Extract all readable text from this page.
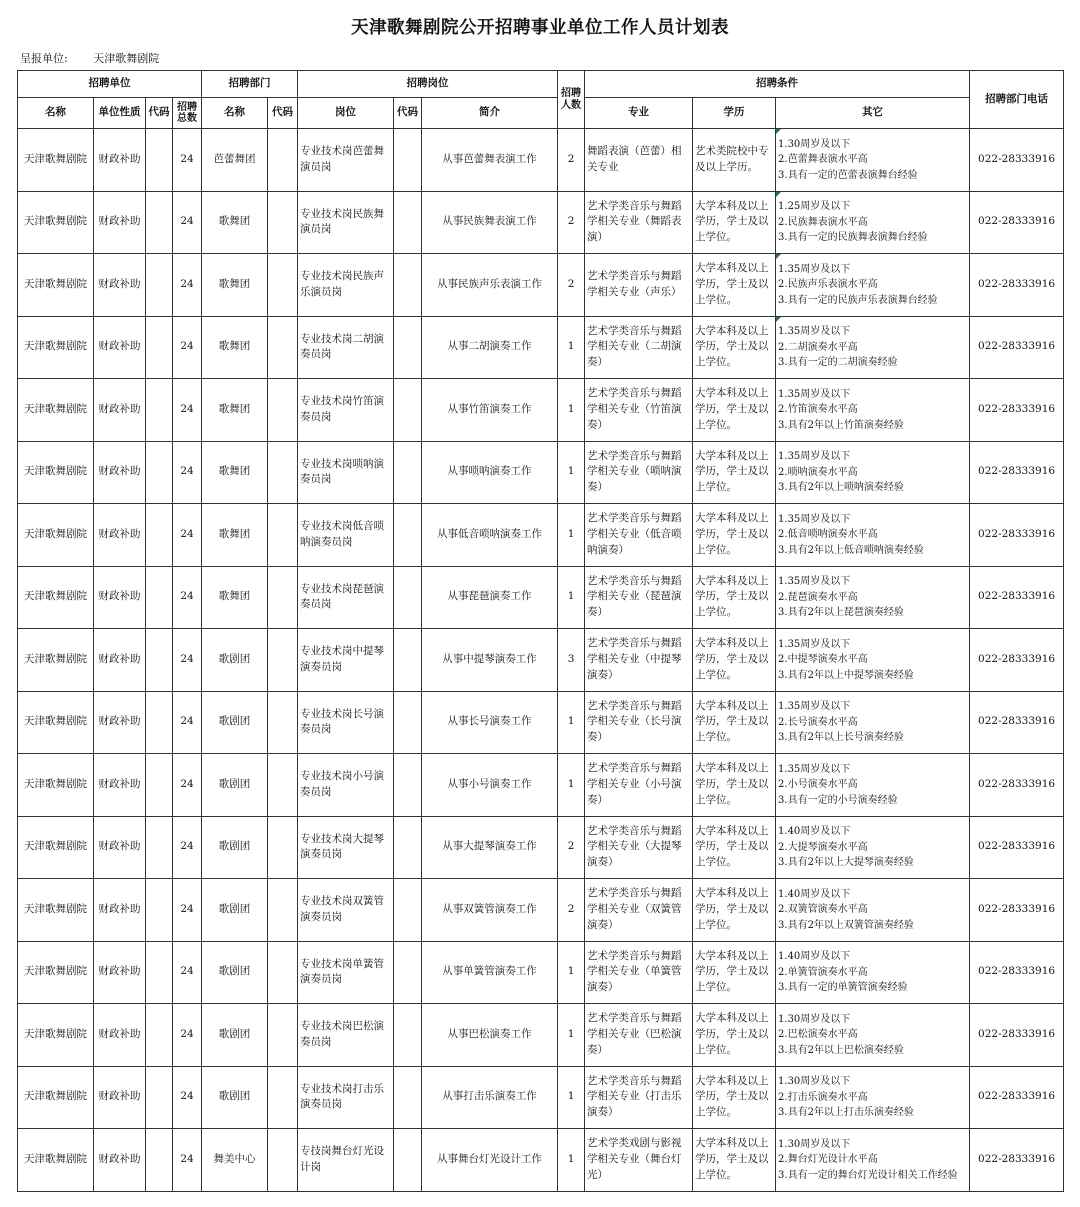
天津歌舞剧院公开招聘事业单位工作人员计划表
呈报单位: 天津歌舞剧院
招聘单位				招聘部门		招聘岗位			招聘人数	招聘条件			招聘部门电话
名称	单位性质	代码	招聘总数	名称	代码	岗位	代码	简介		专业	学历	其它	
天津歌舞剧院	财政补助		24	芭蕾舞团		专业技术岗芭蕾舞演员岗		从事芭蕾舞表演工作	2	舞蹈表演（芭蕾）相关专业	艺术类院校中专及以上学历。	1.30周岁及以下
2.芭蕾舞表演水平高
3.具有一定的芭蕾表演舞台经验	022-28333916
天津歌舞剧院	财政补助		24	歌舞团		专业技术岗民族舞演员岗		从事民族舞表演工作	2	艺术学类音乐与舞蹈学相关专业（舞蹈表演）	大学本科及以上学历，学士及以上学位。	1.25周岁及以下
2.民族舞表演水平高
3.具有一定的民族舞表演舞台经验	022-28333916
天津歌舞剧院	财政补助		24	歌舞团		专业技术岗民族声乐演员岗		从事民族声乐表演工作	2	艺术学类音乐与舞蹈学相关专业（声乐）	大学本科及以上学历，学士及以上学位。	1.35周岁及以下
2.民族声乐表演水平高
3.具有一定的民族声乐表演舞台经验	022-28333916
天津歌舞剧院	财政补助		24	歌舞团		专业技术岗二胡演奏员岗		从事二胡演奏工作	1	艺术学类音乐与舞蹈学相关专业（二胡演奏）	大学本科及以上学历，学士及以上学位。	1.35周岁及以下
2.二胡演奏水平高
3.具有一定的二胡演奏经验	022-28333916
天津歌舞剧院	财政补助		24	歌舞团		专业技术岗竹笛演奏员岗		从事竹笛演奏工作	1	艺术学类音乐与舞蹈学相关专业（竹笛演奏）	大学本科及以上学历，学士及以上学位。	1.35周岁及以下
2.竹笛演奏水平高
3.具有2年以上竹笛演奏经验	022-28333916
天津歌舞剧院	财政补助		24	歌舞团		专业技术岗唢呐演奏员岗		从事唢呐演奏工作	1	艺术学类音乐与舞蹈学相关专业（唢呐演奏）	大学本科及以上学历，学士及以上学位。	1.35周岁及以下
2.唢呐演奏水平高
3.具有2年以上唢呐演奏经验	022-28333916
天津歌舞剧院	财政补助		24	歌舞团		专业技术岗低音唢呐演奏员岗		从事低音唢呐演奏工作	1	艺术学类音乐与舞蹈学相关专业（低音唢呐演奏）	大学本科及以上学历，学士及以上学位。	1.35周岁及以下
2.低音唢呐演奏水平高
3.具有2年以上低音唢呐演奏经验	022-28333916
天津歌舞剧院	财政补助		24	歌舞团		专业技术岗琵琶演奏员岗		从事琵琶演奏工作	1	艺术学类音乐与舞蹈学相关专业（琵琶演奏）	大学本科及以上学历，学士及以上学位。	1.35周岁及以下
2.琵琶演奏水平高
3.具有2年以上琵琶演奏经验	022-28333916
天津歌舞剧院	财政补助		24	歌剧团		专业技术岗中提琴演奏员岗		从事中提琴演奏工作	3	艺术学类音乐与舞蹈学相关专业（中提琴演奏）	大学本科及以上学历，学士及以上学位。	1.35周岁及以下
2.中提琴演奏水平高
3.具有2年以上中提琴演奏经验	022-28333916
天津歌舞剧院	财政补助		24	歌剧团		专业技术岗长号演奏员岗		从事长号演奏工作	1	艺术学类音乐与舞蹈学相关专业（长号演奏）	大学本科及以上学历，学士及以上学位。	1.35周岁及以下
2.长号演奏水平高
3.具有2年以上长号演奏经验	022-28333916
天津歌舞剧院	财政补助		24	歌剧团		专业技术岗小号演奏员岗		从事小号演奏工作	1	艺术学类音乐与舞蹈学相关专业（小号演奏）	大学本科及以上学历，学士及以上学位。	1.35周岁及以下
2.小号演奏水平高
3.具有一定的小号演奏经验	022-28333916
天津歌舞剧院	财政补助		24	歌剧团		专业技术岗大提琴演奏员岗		从事大提琴演奏工作	2	艺术学类音乐与舞蹈学相关专业（大提琴演奏）	大学本科及以上学历，学士及以上学位。	1.40周岁及以下
2.大提琴演奏水平高
3.具有2年以上大提琴演奏经验	022-28333916
天津歌舞剧院	财政补助		24	歌剧团		专业技术岗双簧管演奏员岗		从事双簧管演奏工作	2	艺术学类音乐与舞蹈学相关专业（双簧管演奏）	大学本科及以上学历，学士及以上学位。	1.40周岁及以下
2.双簧管演奏水平高
3.具有2年以上双簧管演奏经验	022-28333916
天津歌舞剧院	财政补助		24	歌剧团		专业技术岗单簧管演奏员岗		从事单簧管演奏工作	1	艺术学类音乐与舞蹈学相关专业（单簧管演奏）	大学本科及以上学历，学士及以上学位。	1.40周岁及以下
2.单簧管演奏水平高
3.具有一定的单簧管演奏经验	022-28333916
天津歌舞剧院	财政补助		24	歌剧团		专业技术岗巴松演奏员岗		从事巴松演奏工作	1	艺术学类音乐与舞蹈学相关专业（巴松演奏）	大学本科及以上学历，学士及以上学位。	1.30周岁及以下
2.巴松演奏水平高
3.具有2年以上巴松演奏经验	022-28333916
天津歌舞剧院	财政补助		24	歌剧团		专业技术岗打击乐演奏员岗		从事打击乐演奏工作	1	艺术学类音乐与舞蹈学相关专业（打击乐演奏）	大学本科及以上学历，学士及以上学位。	1.30周岁及以下
2.打击乐演奏水平高
3.具有2年以上打击乐演奏经验	022-28333916
天津歌舞剧院	财政补助		24	舞美中心		专技岗舞台灯光设计岗		从事舞台灯光设计工作	1	艺术学类戏剧与影视学相关专业（舞台灯光）	大学本科及以上学历，学士及以上学位。	1.30周岁及以下
2.舞台灯光设计水平高
3.具有一定的舞台灯光设计相关工作经验	022-28333916
